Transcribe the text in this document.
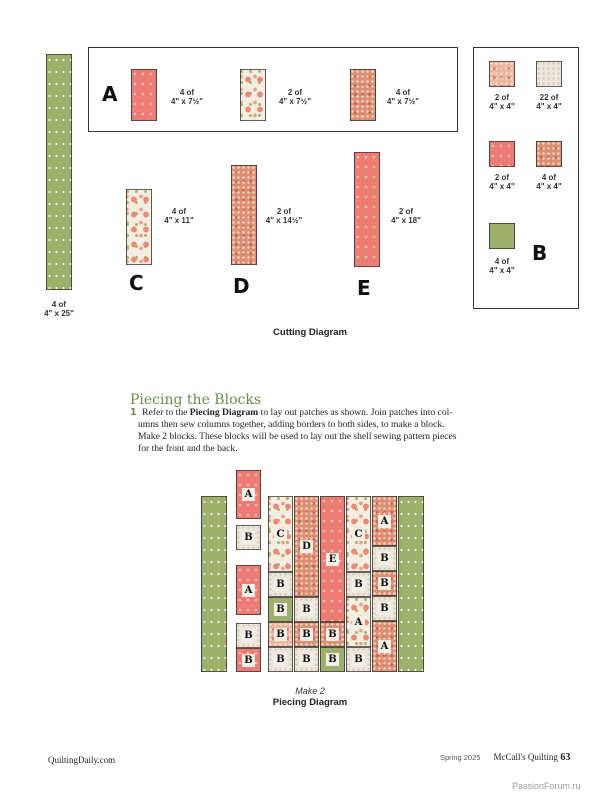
4 of
4" x 25"
A	4 of
4" x 7½"
2 of
4" x 7½"
4 of
4" x 7½"
4 of
4" x 11"
C
2 of
4" x 14½"
D
2 of
4" x 18"
E
2 of
4" x 4"
22 of
4" x 4"
2 of
4" x 4"
4 of
4" x 4"
4 of
4" x 4"
B
Cutting Diagram
Piecing the Blocks
1 Refer to the Piecing Diagram to lay out patches as shown. Join patches into col-
umns then sew columns together, adding borders to both sides, to make a block.
Make 2 blocks. These blocks will be used to lay out the shell sewing pattern pieces
for the front and the back.
A
B
A
B
B
C
B
B
B
B
D
B
B
B
E
B
B
C
B
A
B
A
B
B
B
A
Make 2
Piecing Diagram
QuiltingDaily.com	Spring 2025 McCall's Quilting 63
PassionForum.ru
